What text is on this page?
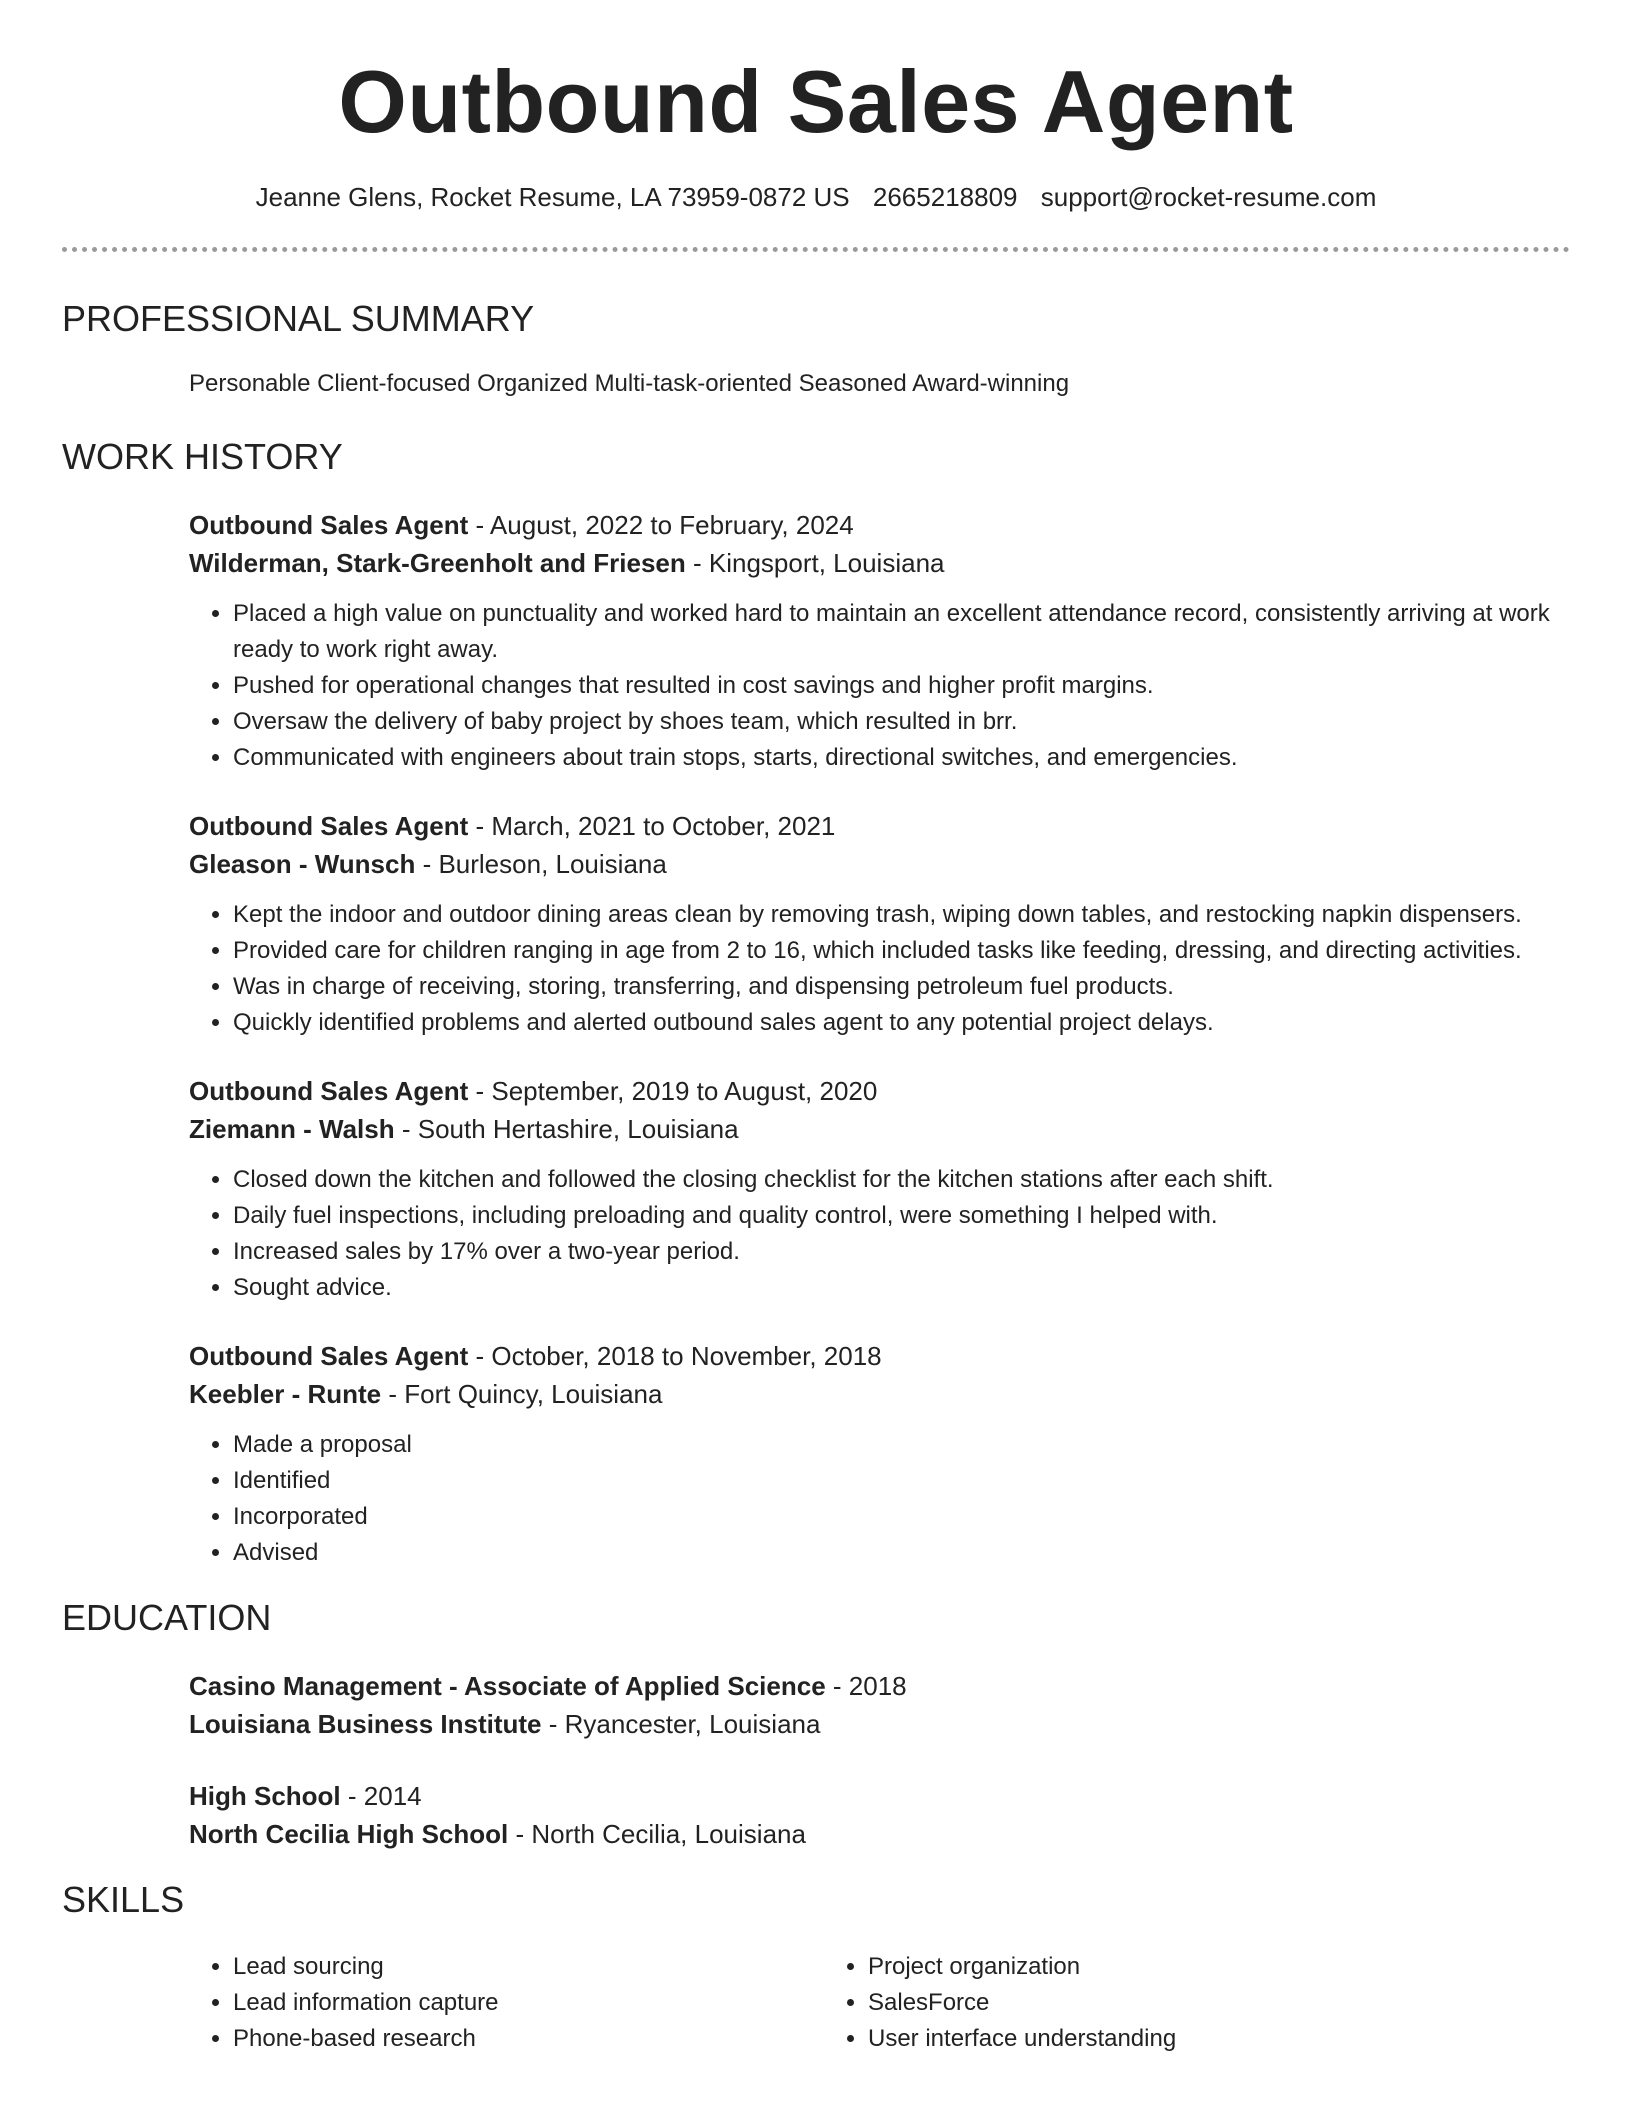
Outbound Sales Agent
Jeanne Glens, Rocket Resume, LA 73959-0872 US 2665218809 support@rocket-resume.com
PROFESSIONAL SUMMARY
Personable Client-focused Organized Multi-task-oriented Seasoned Award-winning
WORK HISTORY
Outbound Sales Agent - August, 2022 to February, 2024
Wilderman, Stark-Greenholt and Friesen - Kingsport, Louisiana
• Placed a high value on punctuality and worked hard to maintain an excellent attendance record, consistently arriving at work ready to work right away.
• Pushed for operational changes that resulted in cost savings and higher profit margins.
• Oversaw the delivery of baby project by shoes team, which resulted in brr.
• Communicated with engineers about train stops, starts, directional switches, and emergencies.
Outbound Sales Agent - March, 2021 to October, 2021
Gleason - Wunsch - Burleson, Louisiana
• Kept the indoor and outdoor dining areas clean by removing trash, wiping down tables, and restocking napkin dispensers.
• Provided care for children ranging in age from 2 to 16, which included tasks like feeding, dressing, and directing activities.
• Was in charge of receiving, storing, transferring, and dispensing petroleum fuel products.
• Quickly identified problems and alerted outbound sales agent to any potential project delays.
Outbound Sales Agent - September, 2019 to August, 2020
Ziemann - Walsh - South Hertashire, Louisiana
• Closed down the kitchen and followed the closing checklist for the kitchen stations after each shift.
• Daily fuel inspections, including preloading and quality control, were something I helped with.
• Increased sales by 17% over a two-year period.
• Sought advice.
Outbound Sales Agent - October, 2018 to November, 2018
Keebler - Runte - Fort Quincy, Louisiana
• Made a proposal
• Identified
• Incorporated
• Advised
EDUCATION
Casino Management - Associate of Applied Science - 2018
Louisiana Business Institute - Ryancester, Louisiana
High School - 2014
North Cecilia High School - North Cecilia, Louisiana
SKILLS
• Lead sourcing
• Lead information capture
• Phone-based research
• Project organization
• SalesForce
• User interface understanding
